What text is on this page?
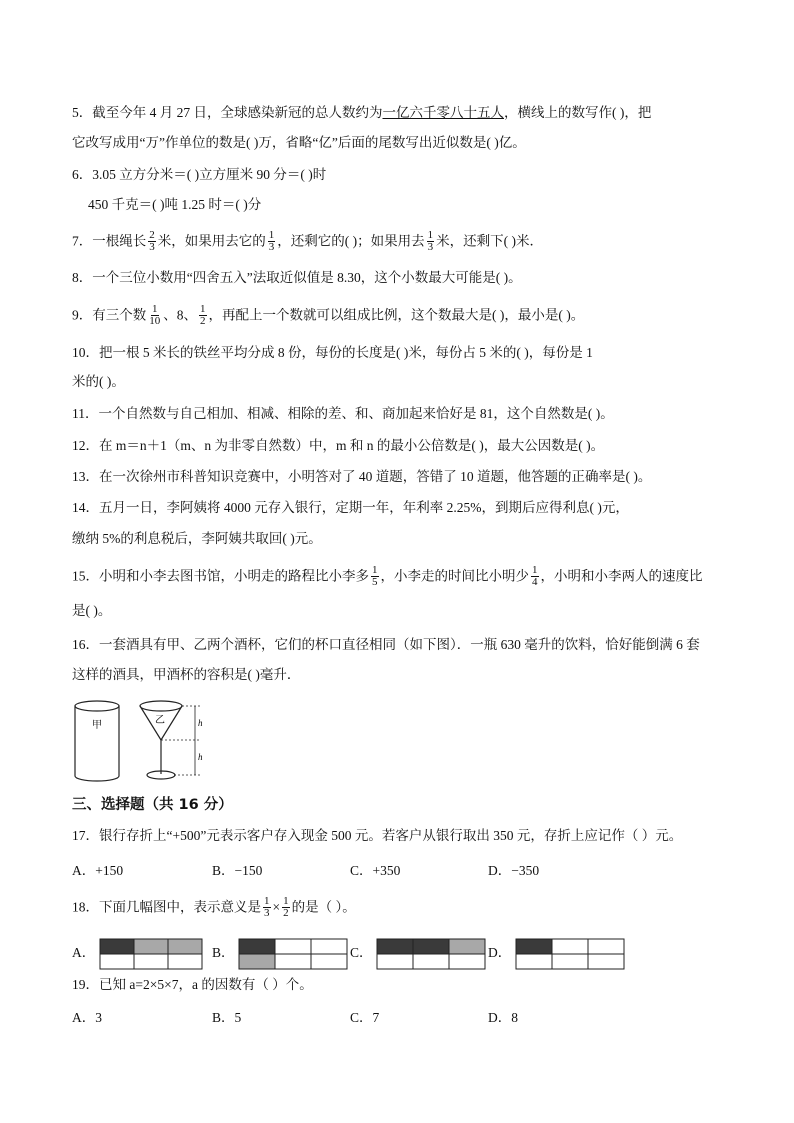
5．截至今年 4 月 27 日，全球感染新冠的总人数约为一亿六千零八十五人，横线上的数写作( )，把
它改写成用“万”作单位的数是( )万，省略“亿”后面的尾数写出近似数是( )亿。
6．3.05 立方分米＝( )立方厘米 90 分＝( )时
450 千克＝( )吨 1.25 时＝( )分
7．一根绳长 $\frac{2}{3}$ 米，如果用去它的 $\frac{1}{3}$ ，还剩它的( )；如果用去 $\frac{1}{3}$ 米，还剩下( )米．
8．一个三位小数用“四舍五入”法取近似值是 8.30，这个小数最大可能是( )。
9．有三个数 $\frac{1}{10}$ 、8、 $\frac{1}{2}$ ，再配上一个数就可以组成比例，这个数最大是( )，最小是( )。
10．把一根 5 米长的铁丝平均分成 8 份，每份的长度是( )米，每份占 5 米的( )，每份是 1
米的( )。
11．一个自然数与自己相加、相减、相除的差、和、商加起来恰好是 81，这个自然数是( )。
12．在 m＝n＋1（m、n 为非零自然数）中，m 和 n 的最小公倍数是( )，最大公因数是( )。
13．在一次徐州市科普知识竞赛中，小明答对了 40 道题，答错了 10 道题，他答题的正确率是( )。
14．五月一日，李阿姨将 4000 元存入银行，定期一年，年利率 2.25%，到期后应得利息( )元，
缴纳 5%的利息税后，李阿姨共取回( )元。
15．小明和小李去图书馆，小明走的路程比小李多 $\frac{1}{5}$ ，小李走的时间比小明少 $\frac{1}{4}$ ，小明和小李两人的速度比
是( )。
16．一套酒具有甲、乙两个酒杯，它们的杯口直径相同（如下图）．一瓶 630 毫升的饮料，恰好能倒满 6 套
这样的酒具，甲酒杯的容积是( )毫升．
甲	乙	h
h
三、选择题（共 16 分）
17．银行存折上“+500”元表示客户存入现金 500 元。若客户从银行取出 350 元，存折上应记作（ ）元。
A．+150	B．−150	C．+350	D．−350
18．下面几幅图中，表示意义是 $\frac{1}{3} \times \frac{1}{2}$ 的是（ ）。
A．	B．	C．	D．
19．已知 a=2×5×7，a 的因数有（ ）个。
A．3	B．5	C．7	D．8
